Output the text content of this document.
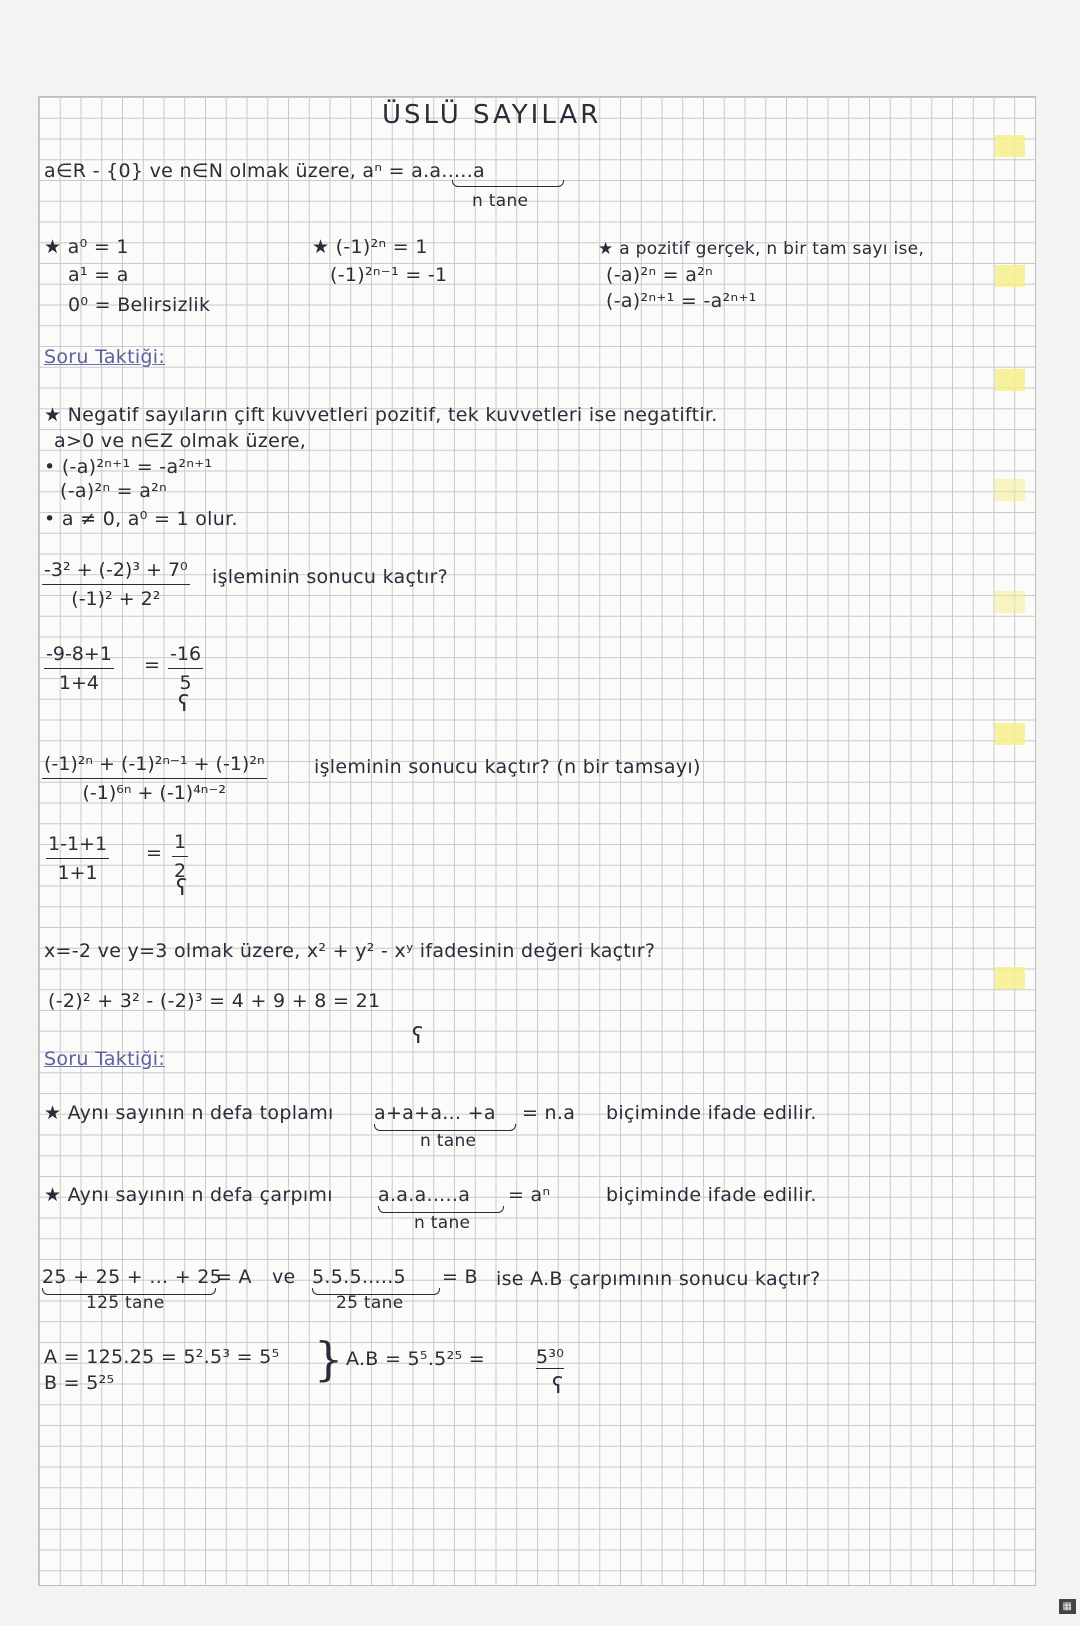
ÜSLÜ SAYILAR
a∈R - {0} ve n∈N olmak üzere, aⁿ = a.a.....a
n tane
★ a⁰ = 1
a¹ = a
0⁰ = Belirsizlik
★ (-1)²ⁿ = 1
(-1)²ⁿ⁻¹ = -1
★ a pozitif gerçek, n bir tam sayı ise,
(-a)²ⁿ = a²ⁿ
(-a)²ⁿ⁺¹ = -a²ⁿ⁺¹
Soru Taktiği:
★ Negatif sayıların çift kuvvetleri pozitif, tek kuvvetleri ise negatiftir.
a>0 ve n∈Z olmak üzere,
• (-a)²ⁿ⁺¹ = -a²ⁿ⁺¹
(-a)²ⁿ = a²ⁿ
• a ≠ 0, a⁰ = 1 olur.
$\frac{\text{-3² + (-2)³ + 7⁰}}{\text{(-1)² + 2²}}$ işleminin sonucu kaçtır?
$\frac{-9-8+1}{1+4} = \frac{-16}{5}$
ʕ
$\frac{\text{(-1)²ⁿ + (-1)²ⁿ⁻¹ + (-1)²ⁿ}}{\text{(-1)⁶ⁿ + (-1)⁴ⁿ⁻²}}$ işleminin sonucu kaçtır? (n bir tamsayı)
$\frac{1-1+1}{1+1} = \frac{1}{2}$
ʕ
x=-2 ve y=3 olmak üzere, x² + y² - xʸ ifadesinin değeri kaçtır?
(-2)² + 3² - (-2)³ = 4 + 9 + 8 = 21
ʕ
Soru Taktiği:
★ Aynı sayının n defa toplamı a+a+a... +a = n.a biçiminde ifade edilir.
n tane
★ Aynı sayının n defa çarpımı a.a.a.....a = aⁿ	biçiminde ifade edilir.
n tane
25 + 25 + ... + 25
= A
125 tane
ve 5.5.5.....5 = B
25 tane
ise A.B çarpımının sonucu kaçtır?
A = 125.25 = 5².5³ = 5⁵
B = 5²⁵	} A.B = 5⁵.5²⁵ =	5³⁰
ʕ
▦
